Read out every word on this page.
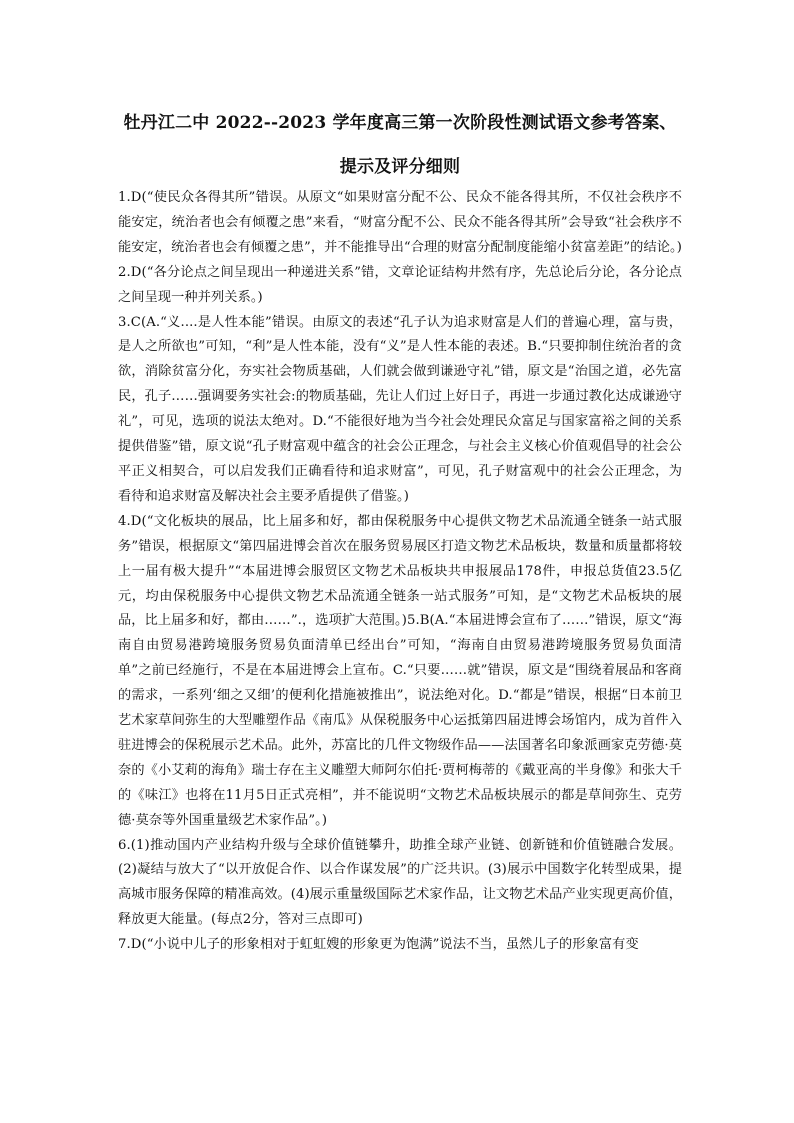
牡丹江二中 2022--2023 学年度高三第一次阶段性测试语文参考答案、
提示及评分细则

1.D(“使民众各得其所”错误。从原文“如果财富分配不公、民众不能各得其所，不仅社会秩序不能安定，统治者也会有倾覆之患”来看，“财富分配不公、民众不能各得其所”会导致“社会秩序不能安定，统治者也会有倾覆之患”，并不能推导出“合理的财富分配制度能缩小贫富差距”的结论。)

2.D(“各分论点之间呈现出一种递进关系”错，文章论证结构井然有序，先总论后分论，各分论点之间呈现一种并列关系。)

3.C(A.“义....是人性本能”错误。由原文的表述“孔子认为追求财富是人们的普遍心理，富与贵，是人之所欲也”可知，“利”是人性本能，没有“义”是人性本能的表述。B.“只要抑制住统治者的贪欲，消除贫富分化，夯实社会物质基础，人们就会做到谦逊守礼”错，原文是“治国之道，必先富民，孔子……强调要务实社会:的物质基础，先让人们过上好日子，再进一步通过教化达成谦逊守礼”，可见，选项的说法太绝对。D.“不能很好地为当今社会处理民众富足与国家富裕之间的关系提供借鉴”错，原文说“孔子财富观中蕴含的社会公正理念，与社会主义核心价值观倡导的社会公平正义相契合，可以启发我们正确看待和追求财富”，可见，孔子财富观中的社会公正理念，为看待和追求财富及解决社会主要矛盾提供了借鉴。)

4.D(“文化板块的展品，比上届多和好，都由保税服务中心提供文物艺术品流通全链条一站式服务”错误，根据原文“第四届进博会首次在服务贸易展区打造文物艺术品板块，数量和质量都将较上一届有极大提升”“本届进博会服贸区文物艺术品板块共申报展品178件，申报总货值23.5亿元，均由保税服务中心提供文物艺术品流通全链条一站式服务”可知，是“文物艺术品板块的展品，比上届多和好，都由……”.，选项扩大范围。)5.B(A.“本届进博会宣布了……”错误，原文“海南自由贸易港跨境服务贸易负面清单已经出台”可知，“海南自由贸易港跨境服务贸易负面清单”之前已经施行，不是在本届进博会上宣布。C.“只要……就”错误，原文是“围绕着展品和客商的需求，一系列‘细之又细’的便利化措施被推出”，说法绝对化。D.“都是”错误，根据“日本前卫艺术家草间弥生的大型雕塑作品《南瓜》从保税服务中心运抵第四届进博会场馆内，成为首件入驻进博会的保税展示艺术品。此外，苏富比的几件文物级作品——法国著名印象派画家克劳德·莫奈的《小艾莉的海角》瑞士存在主义雕塑大师阿尔伯托·贾柯梅蒂的《戴亚高的半身像》和张大千的《味江》也将在11月5日正式亮相”，并不能说明“文物艺术品板块展示的都是草间弥生、克劳德·莫奈等外国重量级艺术家作品”。)

6.(1)推动国内产业结构升级与全球价值链攀升，助推全球产业链、创新链和价值链融合发展。(2)凝结与放大了“以开放促合作、以合作谋发展”的广泛共识。(3)展示中国数字化转型成果，提高城市服务保障的精准高效。(4)展示重量级国际艺术家作品，让文物艺术品产业实现更高价值，释放更大能量。(每点2分，答对三点即可)

7.D(“小说中儿子的形象相对于虹虹嫂的形象更为饱满”说法不当，虽然儿子的形象富有变
